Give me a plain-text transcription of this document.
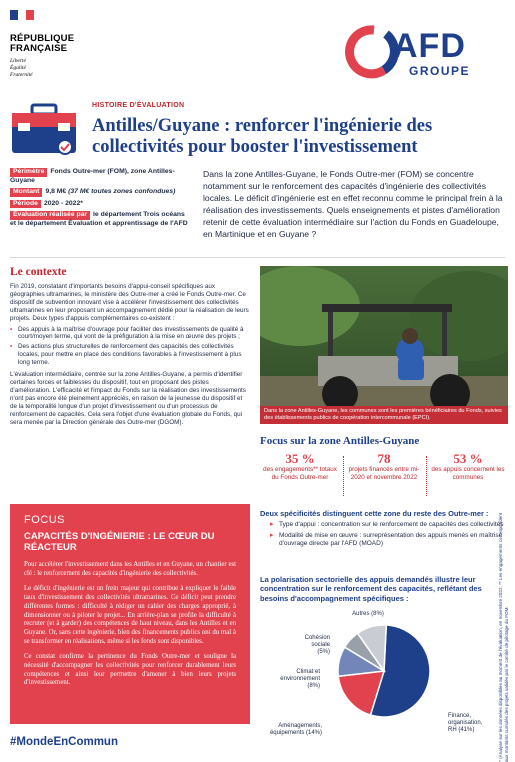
RÉPUBLIQUE
FRANÇAISE
Liberté
Égalité
Fraternité
AFD
GROUPE
HISTOIRE D'ÉVALUATION
Antilles/Guyane : renforcer l'ingénierie des collectivités pour booster l'investissement
Périmètre Fonds Outre-mer (FOM), zone Antilles-Guyane
Montant 9,8 M€ (37 M€ toutes zones confondues)
Période 2020 - 2022*
Évaluation réalisée par le département Trois océans et le département Évaluation et apprentissage de l'AFD

Dans la zone Antilles-Guyane, le Fonds Outre-mer (FOM) se concentre notamment sur le renforcement des capacités d'ingénierie des collectivités locales. Le déficit d'ingénierie est en effet reconnu comme le principal frein à la réalisation des investissements. Quels enseignements et pistes d'amélioration retenir de cette évaluation intermédiaire sur l'action du Fonds en Guadeloupe, en Martinique et en Guyane ?

Le contexte

Fin 2019, constatant d'importants besoins d'appui-conseil spécifiques aux géographies ultramarines, le ministère des Outre-mer a créé le Fonds Outre-mer. Ce dispositif de subvention innovant vise à accélérer l'investissement des collectivités ultramarines en leur proposant un accompagnement dédié pour la réalisation de leurs projets. Deux types d'appuis complémentaires co-existent :

• Des appuis à la maîtrise d'ouvrage pour faciliter des investissements de qualité à court/moyen terme, qui vont de la préfiguration à la mise en œuvre des projets ;
• Des actions plus structurelles de renforcement des capacités des collectivités locales, pour mettre en place des conditions favorables à l'investissement à plus long terme.

L'évaluation intermédiaire, centrée sur la zone Antilles-Guyane, a permis d'identifier certaines forces et faiblesses du dispositif, tout en proposant des pistes d'amélioration. L'efficacité et l'impact du Fonds sur la réalisation des investissements n'ont pas encore été pleinement appréciés, en raison de la jeunesse du dispositif et de la temporalité longue d'un projet d'investissement ou d'un processus de renforcement de capacités. Cela sera l'objet d'une évaluation globale du Fonds, qui sera menée par la Direction générale des Outre-mer (DGOM).

Dans la zone Antilles-Guyane, les communes sont les premières bénéficiaires du Fonds, suivies des établissements publics de coopération intercommunale (EPCI).
Focus sur la zone Antilles-Guyane
35 %
des engagements** totaux du Fonds Outre-mer
78
projets financés entre mi-2020 et novembre 2022
53 %
des appuis concernent les communes
Deux spécificités distinguent cette zone du reste des Outre-mer :
▸ Type d'appui : concentration sur le renforcement de capacités des collectivités
▸ Modalité de mise en œuvre : surreprésentation des appuis menés en maîtrise d'ouvrage directe par l'AFD (MOAD)

La polarisation sectorielle des appuis demandés illustre leur concentration sur le renforcement des capacités, reflétant des besoins d'accompagnement spécifiques :

Finance, organisation, RH (41%)
Aménagements, équipements (14%)
Climat et environnement (8%)
Cohésion sociale (5%)
Autres (8%)
FOCUS
CAPACITÉS D'INGÉNIERIE : LE CŒUR DU RÉACTEUR

Pour accélérer l'investissement dans les Antilles et en Guyane, un chantier est clé : le renforcement des capacités d'ingénierie des collectivités.

Le déficit d'ingénierie est un frein majeur qui contribue à expliquer le faible taux d'investissement des collectivités ultramarines. Ce déficit peut prendre différentes formes : difficulté à rédiger un cahier des charges approprié, à dimensionner ou à piloter le projet... En arrière-plan se profile la difficulté à recruter (et à garder) des compétences de haut niveau, dans les Antilles et en Guyane. Or, sans cette ingénierie, bien des financements publics ont du mal à se transformer en réalisations, même si les fonds sont disponibles.

Ce constat confirme la pertinence du Fonds Outre-mer et souligne la nécessité d'accompagner les collectivités pour renforcer durablement leurs compétences et ainsi leur permettre d'amener à bien leurs projets d'investissement.

#MondeEnCommun	* (Analyse sur les données disponibles au moment de l'évaluation, en novembre 2022. ** Les engagements correspondent aux montants cumulés des projets validés par le comité de pilotage du FOM.
